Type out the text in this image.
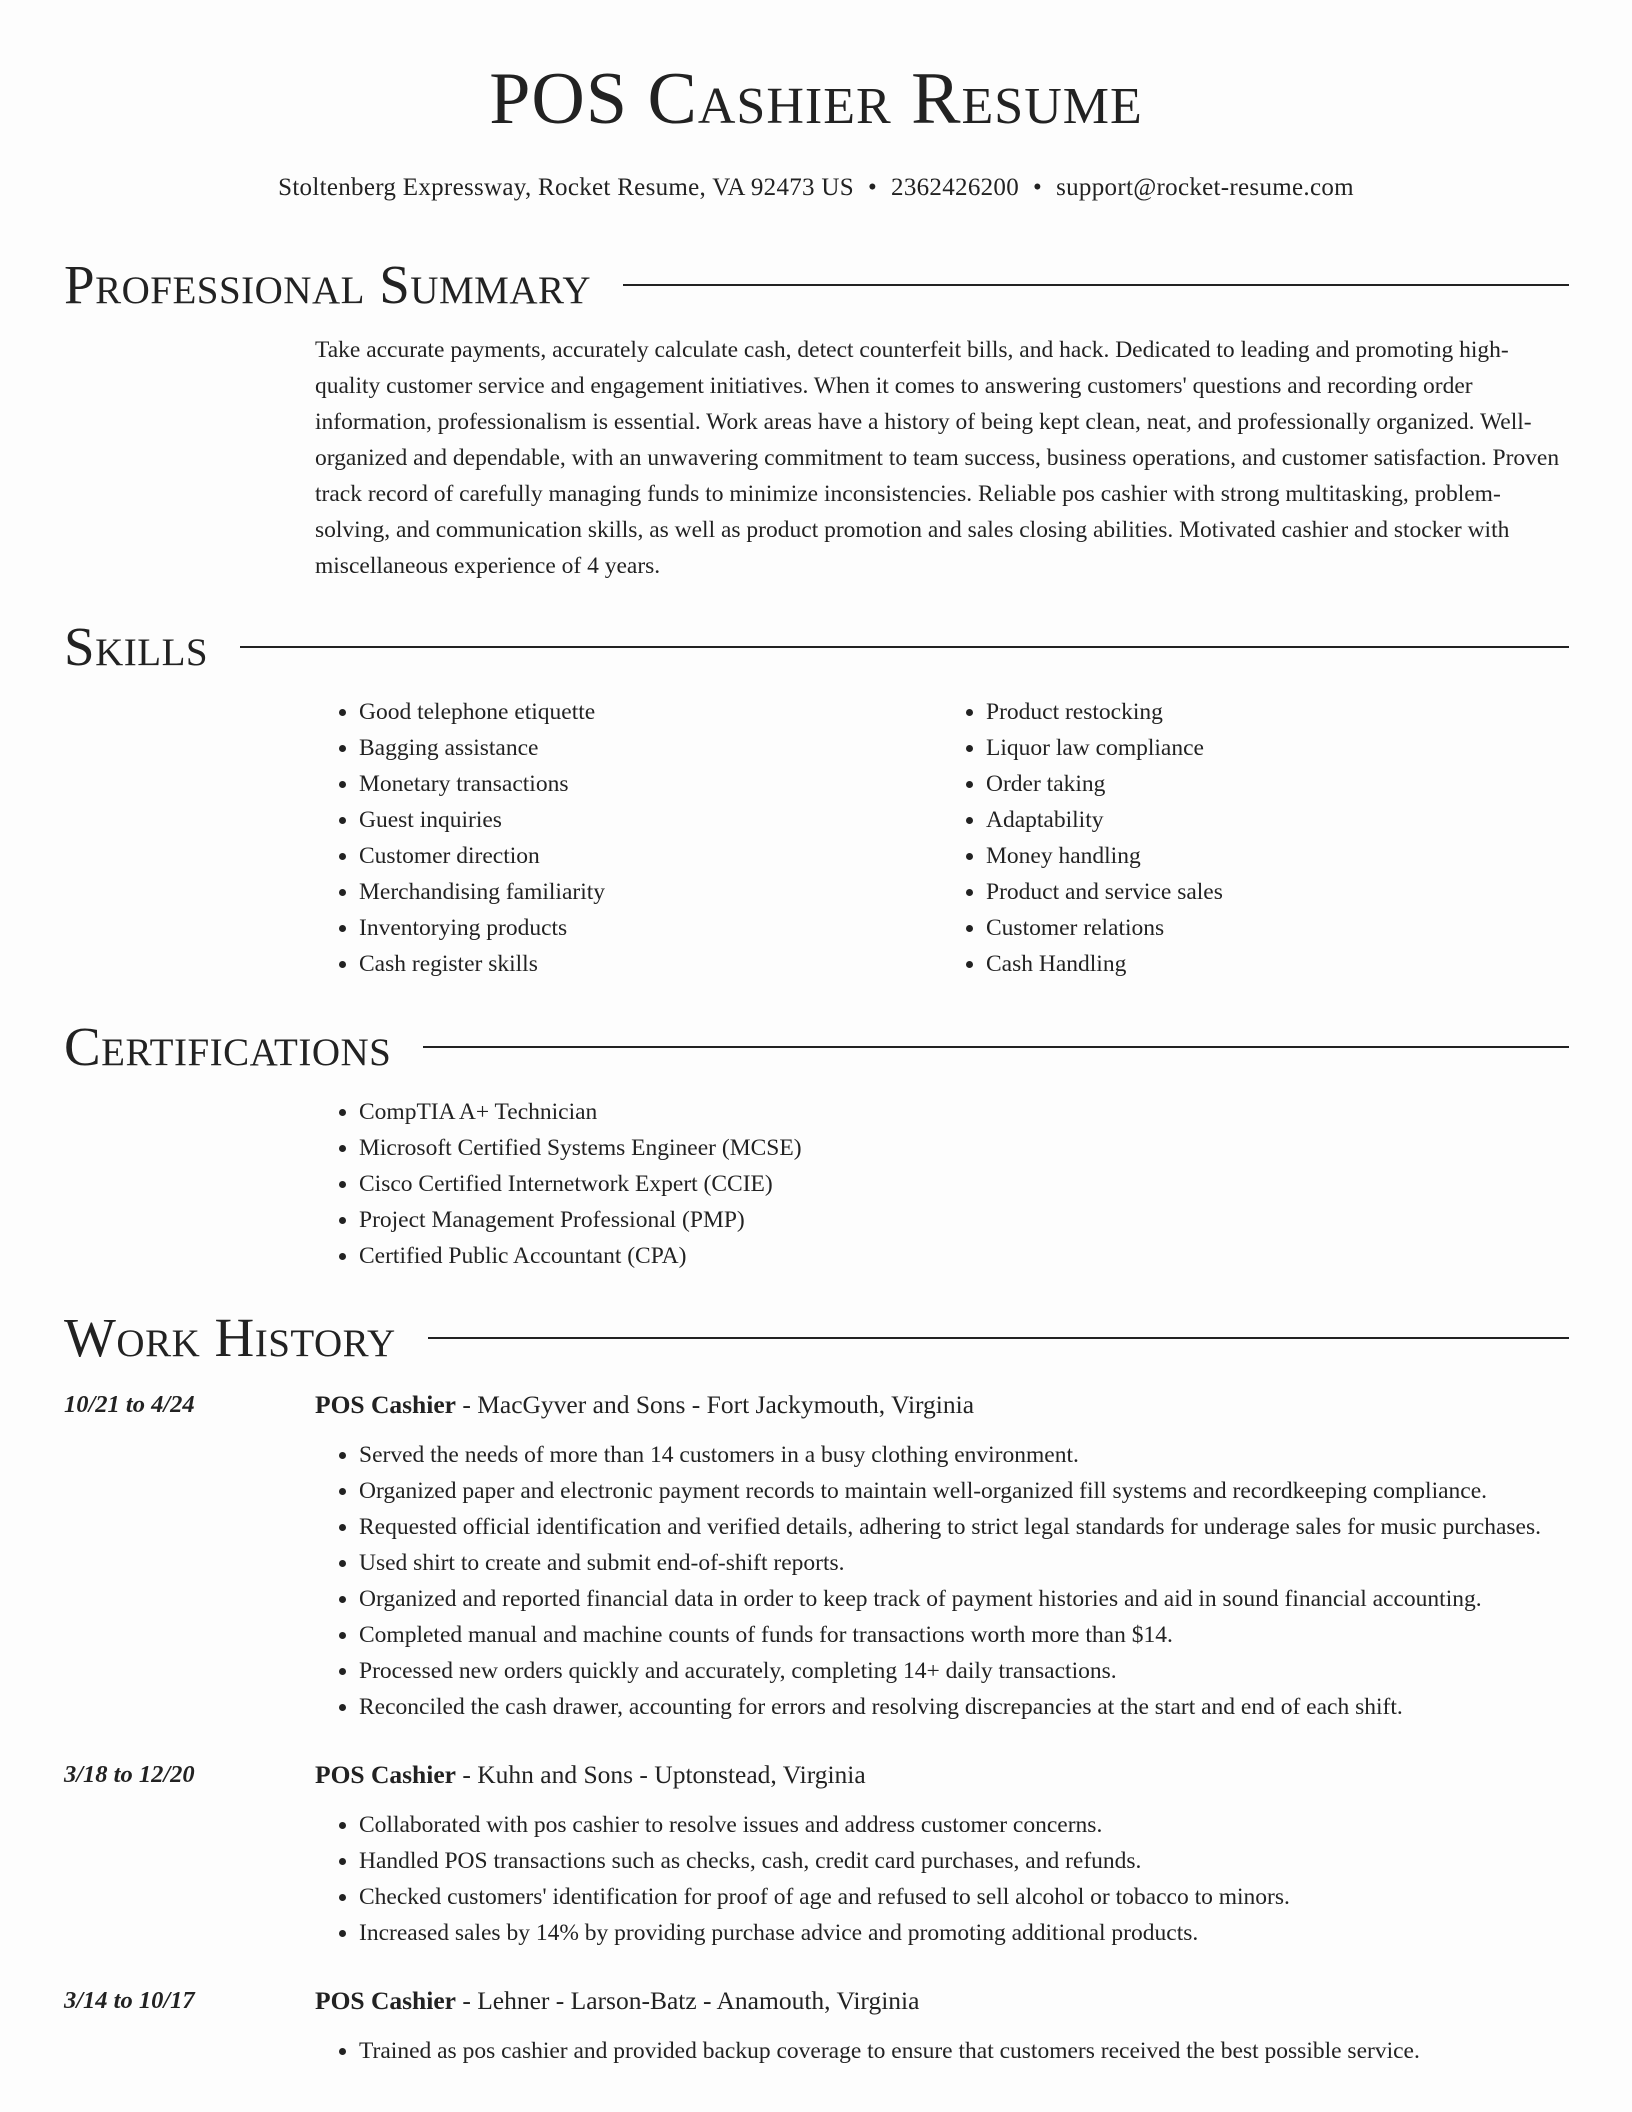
POS Cashier Resume
Stoltenberg Expressway, Rocket Resume, VA 92473 US • 2362426200 • support@rocket-resume.com
Professional Summary
Take accurate payments, accurately calculate cash, detect counterfeit bills, and hack. Dedicated to leading and promoting high-quality customer service and engagement initiatives. When it comes to answering customers' questions and recording order information, professionalism is essential. Work areas have a history of being kept clean, neat, and professionally organized. Well-organized and dependable, with an unwavering commitment to team success, business operations, and customer satisfaction. Proven track record of carefully managing funds to minimize inconsistencies. Reliable pos cashier with strong multitasking, problem-solving, and communication skills, as well as product promotion and sales closing abilities. Motivated cashier and stocker with miscellaneous experience of 4 years.
Skills
• Good telephone etiquette
• Bagging assistance
• Monetary transactions
• Guest inquiries
• Customer direction
• Merchandising familiarity
• Inventorying products
• Cash register skills
• Product restocking
• Liquor law compliance
• Order taking
• Adaptability
• Money handling
• Product and service sales
• Customer relations
• Cash Handling
Certifications
• CompTIA A+ Technician
• Microsoft Certified Systems Engineer (MCSE)
• Cisco Certified Internetwork Expert (CCIE)
• Project Management Professional (PMP)
• Certified Public Accountant (CPA)
Work History
10/21 to 4/24	POS Cashier - MacGyver and Sons - Fort Jackymouth, Virginia
• Served the needs of more than 14 customers in a busy clothing environment.
• Organized paper and electronic payment records to maintain well-organized fill systems and recordkeeping compliance.
• Requested official identification and verified details, adhering to strict legal standards for underage sales for music purchases.
• Used shirt to create and submit end-of-shift reports.
• Organized and reported financial data in order to keep track of payment histories and aid in sound financial accounting.
• Completed manual and machine counts of funds for transactions worth more than $14.
• Processed new orders quickly and accurately, completing 14+ daily transactions.
• Reconciled the cash drawer, accounting for errors and resolving discrepancies at the start and end of each shift.
3/18 to 12/20	POS Cashier - Kuhn and Sons - Uptonstead, Virginia
• Collaborated with pos cashier to resolve issues and address customer concerns.
• Handled POS transactions such as checks, cash, credit card purchases, and refunds.
• Checked customers' identification for proof of age and refused to sell alcohol or tobacco to minors.
• Increased sales by 14% by providing purchase advice and promoting additional products.
3/14 to 10/17	POS Cashier - Lehner - Larson-Batz - Anamouth, Virginia
• Trained as pos cashier and provided backup coverage to ensure that customers received the best possible service.
